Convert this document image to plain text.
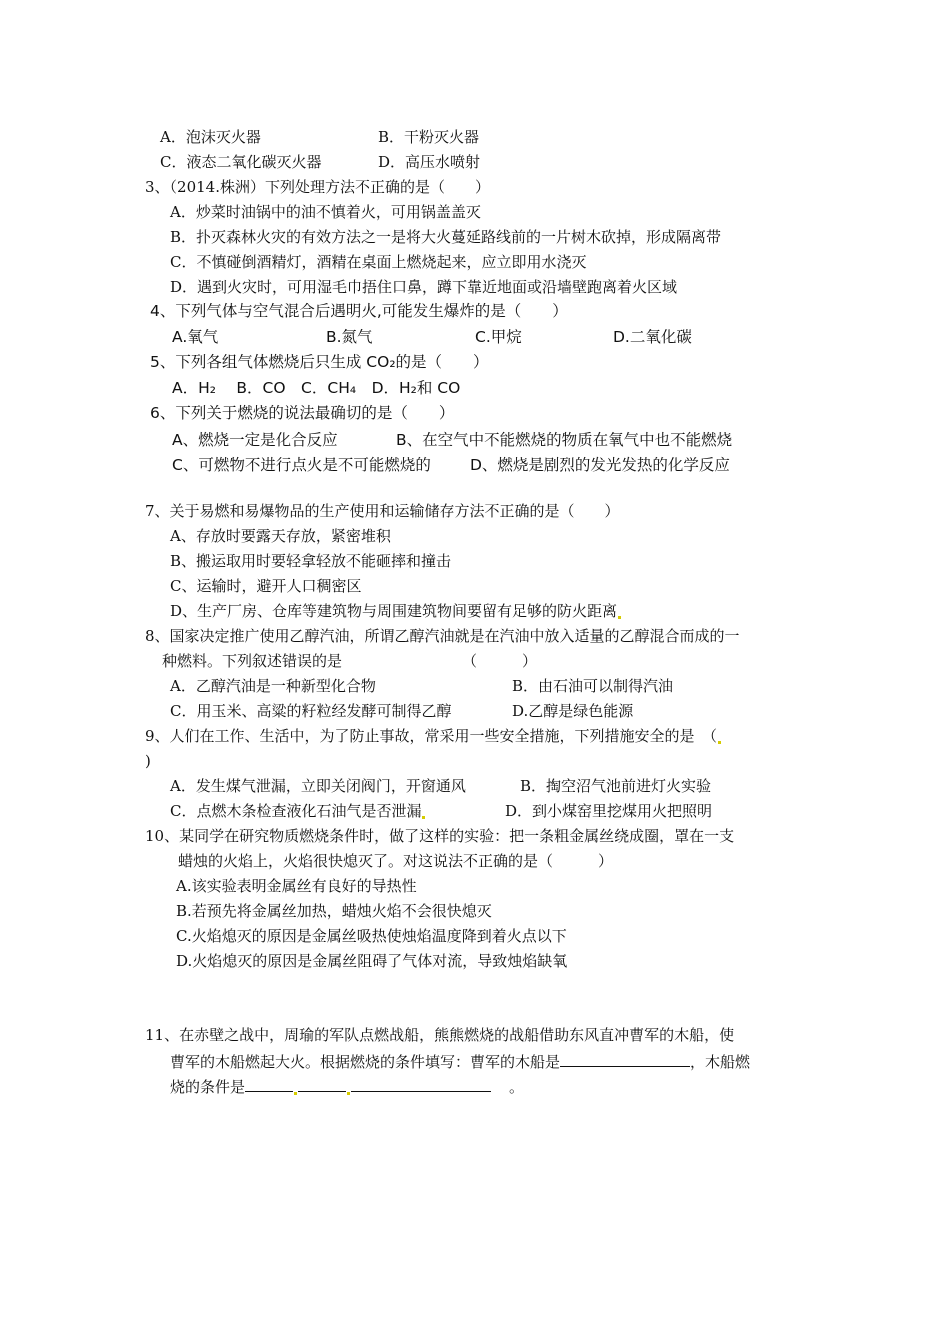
A．泡沫灭火器	B．干粉灭火器
C．液态二氧化碳灭火器	D．高压水喷射
3、（2014.株洲）下列处理方法不正确的是（　　）
A．炒菜时油锅中的油不慎着火，可用锅盖盖灭
B．扑灭森林火灾的有效方法之一是将大火蔓延路线前的一片树木砍掉，形成隔离带
C．不慎碰倒酒精灯，酒精在桌面上燃烧起来，应立即用水浇灭
D．遇到火灾时，可用湿毛巾捂住口鼻，蹲下靠近地面或沿墙壁跑离着火区域
4、下列气体与空气混合后遇明火,可能发生爆炸的是（　　）
A.氧气	B.氮气	C.甲烷	D.二氧化碳
5、下列各组气体燃烧后只生成 CO₂的是（　　）
A．H₂　 B．CO　C．CH₄　D．H₂和 CO
6、下列关于燃烧的说法最确切的是（　　）
A、燃烧一定是化合反应	B、在空气中不能燃烧的物质在氧气中也不能燃烧
C、可燃物不进行点火是不可能燃烧的	D、燃烧是剧烈的发光发热的化学反应
7、关于易燃和易爆物品的生产使用和运输储存方法不正确的是（　　）
A、存放时要露天存放，紧密堆积
B、搬运取用时要轻拿轻放不能砸摔和撞击
C、运输时，避开人口稠密区
D、生产厂房、仓库等建筑物与周围建筑物间要留有足够的防火距离
8、国家决定推广使用乙醇汽油，所谓乙醇汽油就是在汽油中放入适量的乙醇混合而成的一
种燃料。下列叙述错误的是	（　　　）
A．乙醇汽油是一种新型化合物	B．由石油可以制得汽油
C．用玉米、高粱的籽粒经发酵可制得乙醇	D.乙醇是绿色能源
9、人们在工作、生活中，为了防止事故，常采用一些安全措施，下列措施安全的是　（
)
A．发生煤气泄漏，立即关闭阀门，开窗通风	B．掏空沼气池前进灯火实验
C．点燃木条检查液化石油气是否泄漏	D．到小煤窑里挖煤用火把照明
10、某同学在研究物质燃烧条件时，做了这样的实验：把一条粗金属丝绕成圈，罩在一支
蜡烛的火焰上，火焰很快熄灭了。对这说法不正确的是（　　　）
A.该实验表明金属丝有良好的导热性
B.若预先将金属丝加热，蜡烛火焰不会很快熄灭
C.火焰熄灭的原因是金属丝吸热使烛焰温度降到着火点以下
D.火焰熄灭的原因是金属丝阻碍了气体对流，导致烛焰缺氧
11、在赤壁之战中，周瑜的军队点燃战船，熊熊燃烧的战船借助东风直冲曹军的木船，使
曹军的木船燃起大火。根据燃烧的条件填写：曹军的木船是	，木船燃
烧的条件是	。
